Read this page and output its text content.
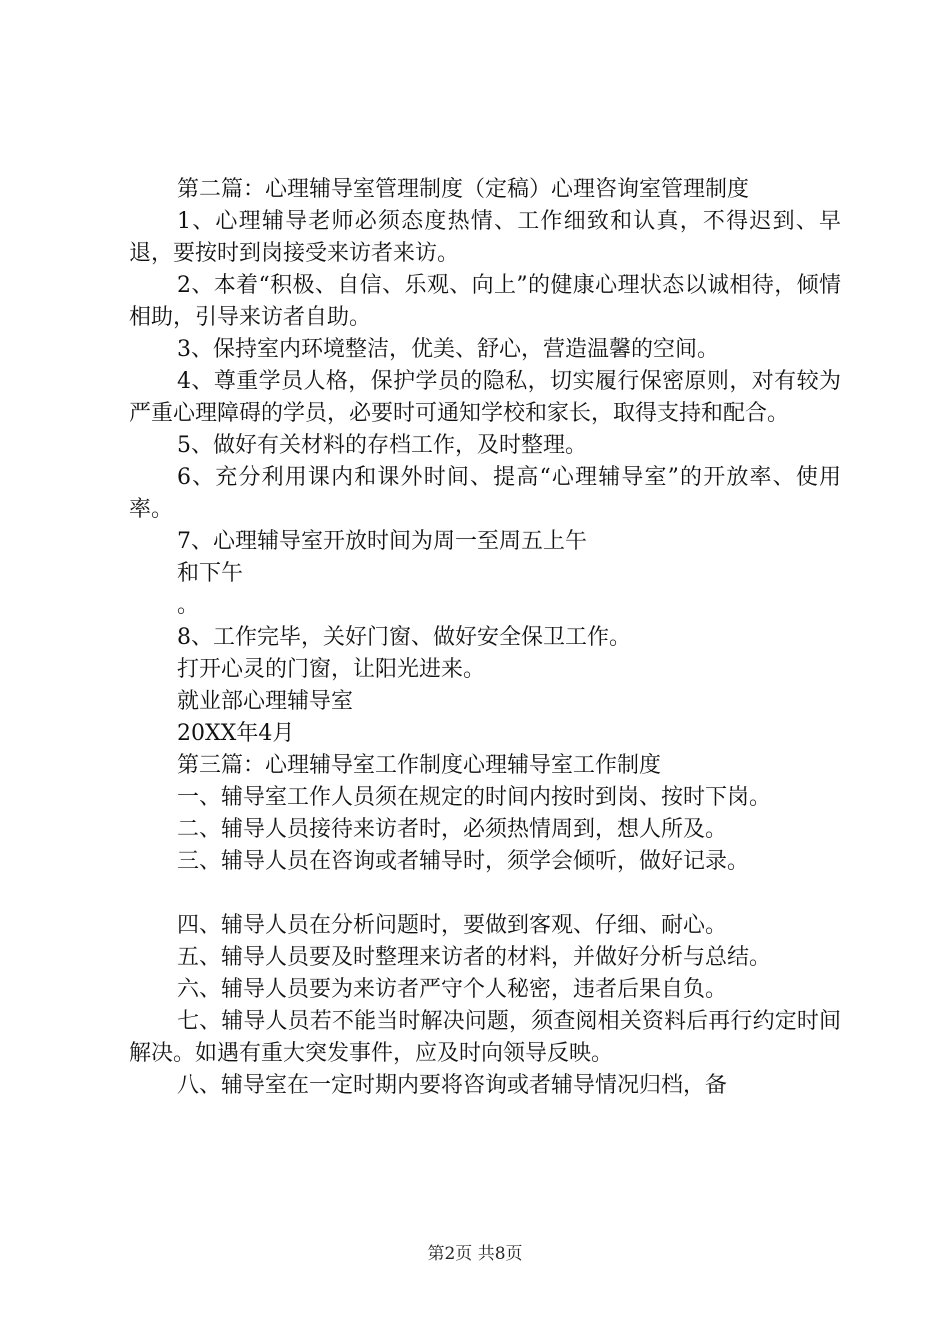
第二篇：心理辅导室管理制度（定稿）心理咨询室管理制度

1、心理辅导老师必须态度热情、工作细致和认真，不得迟到、早退，要按时到岗接受来访者来访。

2、本着“积极、自信、乐观、向上”的健康心理状态以诚相待，倾情相助，引导来访者自助。

3、保持室内环境整洁，优美、舒心，营造温馨的空间。

4、尊重学员人格，保护学员的隐私，切实履行保密原则，对有较为严重心理障碍的学员，必要时可通知学校和家长，取得支持和配合。

5、做好有关材料的存档工作，及时整理。

6、充分利用课内和课外时间、提高“心理辅导室”的开放率、使用率。

7、心理辅导室开放时间为周一至周五上午

和下午

。

8、工作完毕，关好门窗、做好安全保卫工作。

打开心灵的门窗，让阳光进来。

就业部心理辅导室

20XX年4月

第三篇：心理辅导室工作制度心理辅导室工作制度

一、辅导室工作人员须在规定的时间内按时到岗、按时下岗。

二、辅导人员接待来访者时，必须热情周到，想人所及。

三、辅导人员在咨询或者辅导时，须学会倾听，做好记录。

四、辅导人员在分析问题时，要做到客观、仔细、耐心。

五、辅导人员要及时整理来访者的材料，并做好分析与总结。

六、辅导人员要为来访者严守个人秘密，违者后果自负。

七、辅导人员若不能当时解决问题，须查阅相关资料后再行约定时间解决。如遇有重大突发事件，应及时向领导反映。

八、辅导室在一定时期内要将咨询或者辅导情况归档，备

第2页 共8页
